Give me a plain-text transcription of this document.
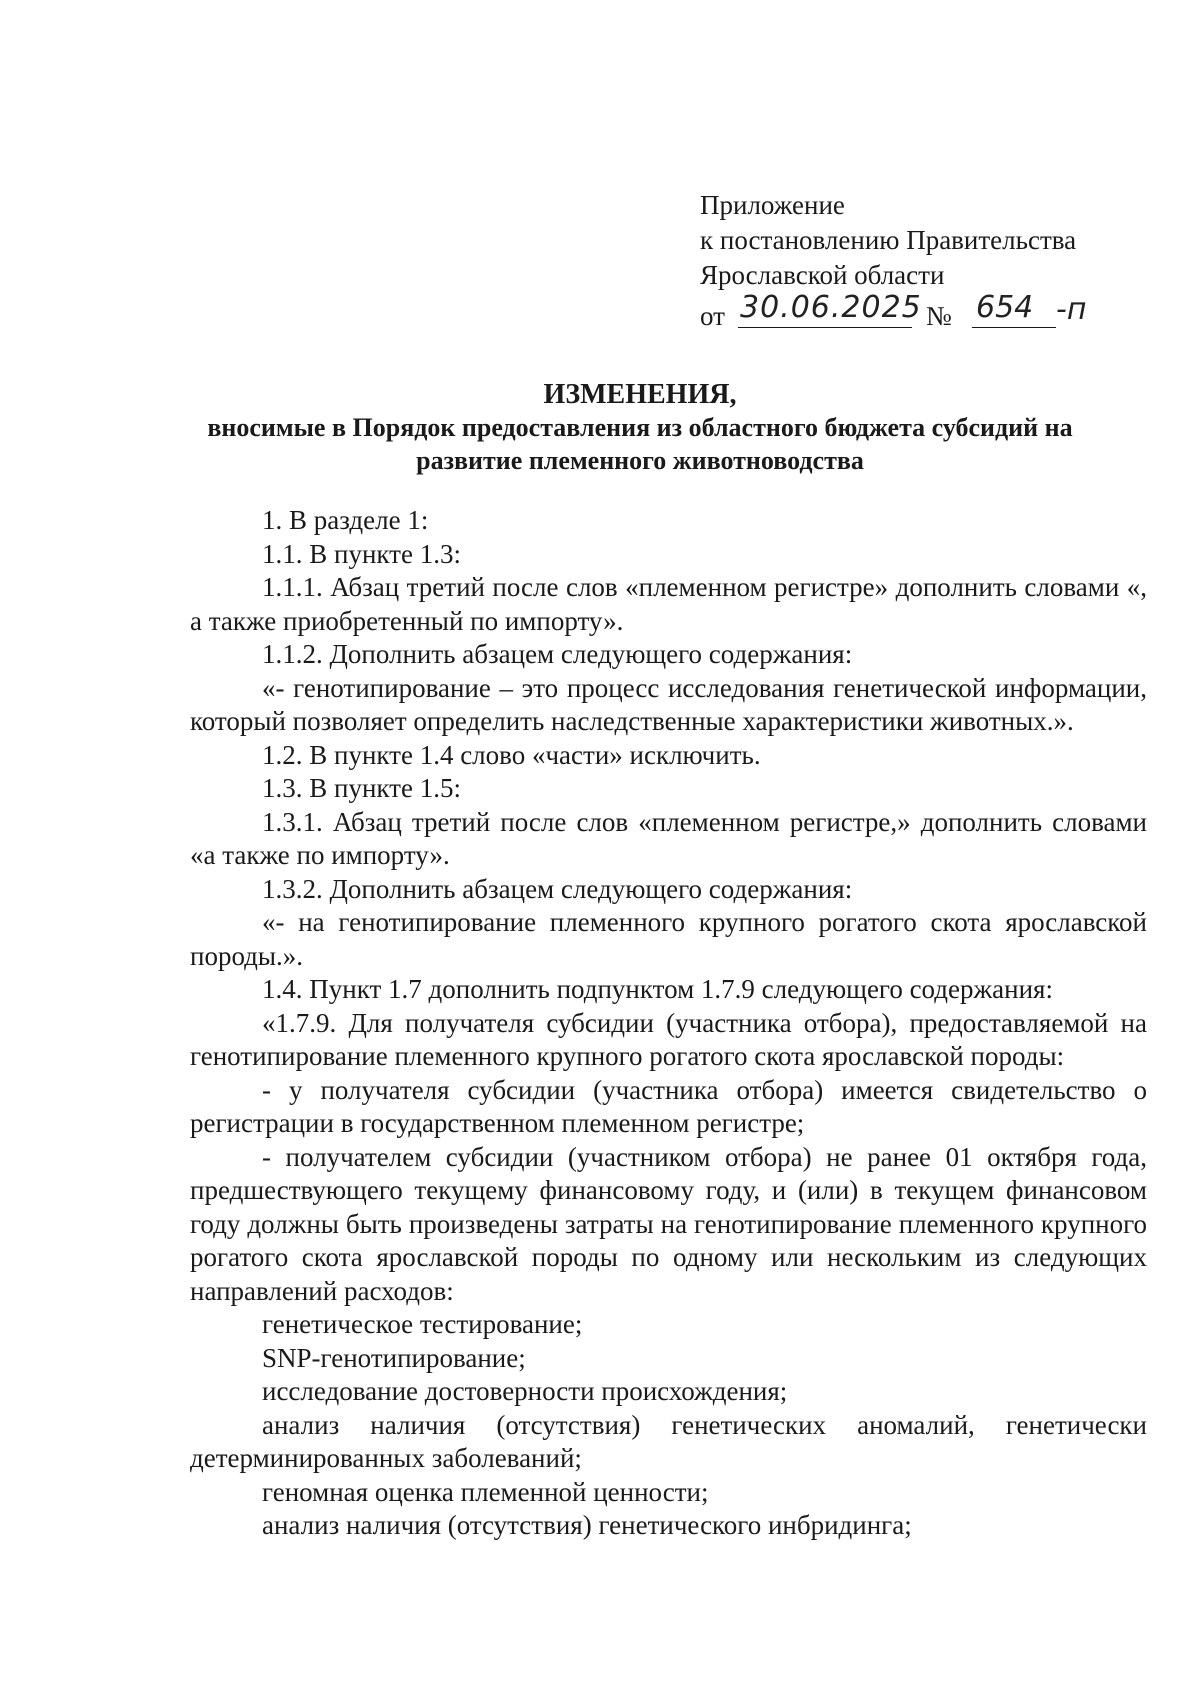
Приложение
к постановлению Правительства
Ярославской области
от 30.06.2025 № 654 -п
ИЗМЕНЕНИЯ,
вносимые в Порядок предоставления из областного бюджета субсидий на
развитие племенного животноводства

1. В разделе 1:

1.1. В пункте 1.3:

1.1.1. Абзац третий после слов «племенном регистре» дополнить словами «, а также приобретенный по импорту».

1.1.2. Дополнить абзацем следующего содержания:

«- генотипирование – это процесс исследования генетической информации, который позволяет определить наследственные характеристики животных.».

1.2. В пункте 1.4 слово «части» исключить.

1.3. В пункте 1.5:

1.3.1. Абзац третий после слов «племенном регистре,» дополнить словами «а также по импорту».

1.3.2. Дополнить абзацем следующего содержания:

«- на генотипирование племенного крупного рогатого скота ярославской породы.».

1.4. Пункт 1.7 дополнить подпунктом 1.7.9 следующего содержания:

«1.7.9. Для получателя субсидии (участника отбора), предоставляемой на генотипирование племенного крупного рогатого скота ярославской породы:

- у получателя субсидии (участника отбора) имеется свидетельство о регистрации в государственном племенном регистре;

- получателем субсидии (участником отбора) не ранее 01 октября года, предшествующего текущему финансовому году, и (или) в текущем финансовом году должны быть произведены затраты на генотипирование племенного крупного рогатого скота ярославской породы по одному или нескольким из следующих направлений расходов:

генетическое тестирование;

SNP-генотипирование;

исследование достоверности происхождения;

анализ наличия (отсутствия) генетических аномалий, генетически детерминированных заболеваний;

геномная оценка племенной ценности;

анализ наличия (отсутствия) генетического инбридинга;
